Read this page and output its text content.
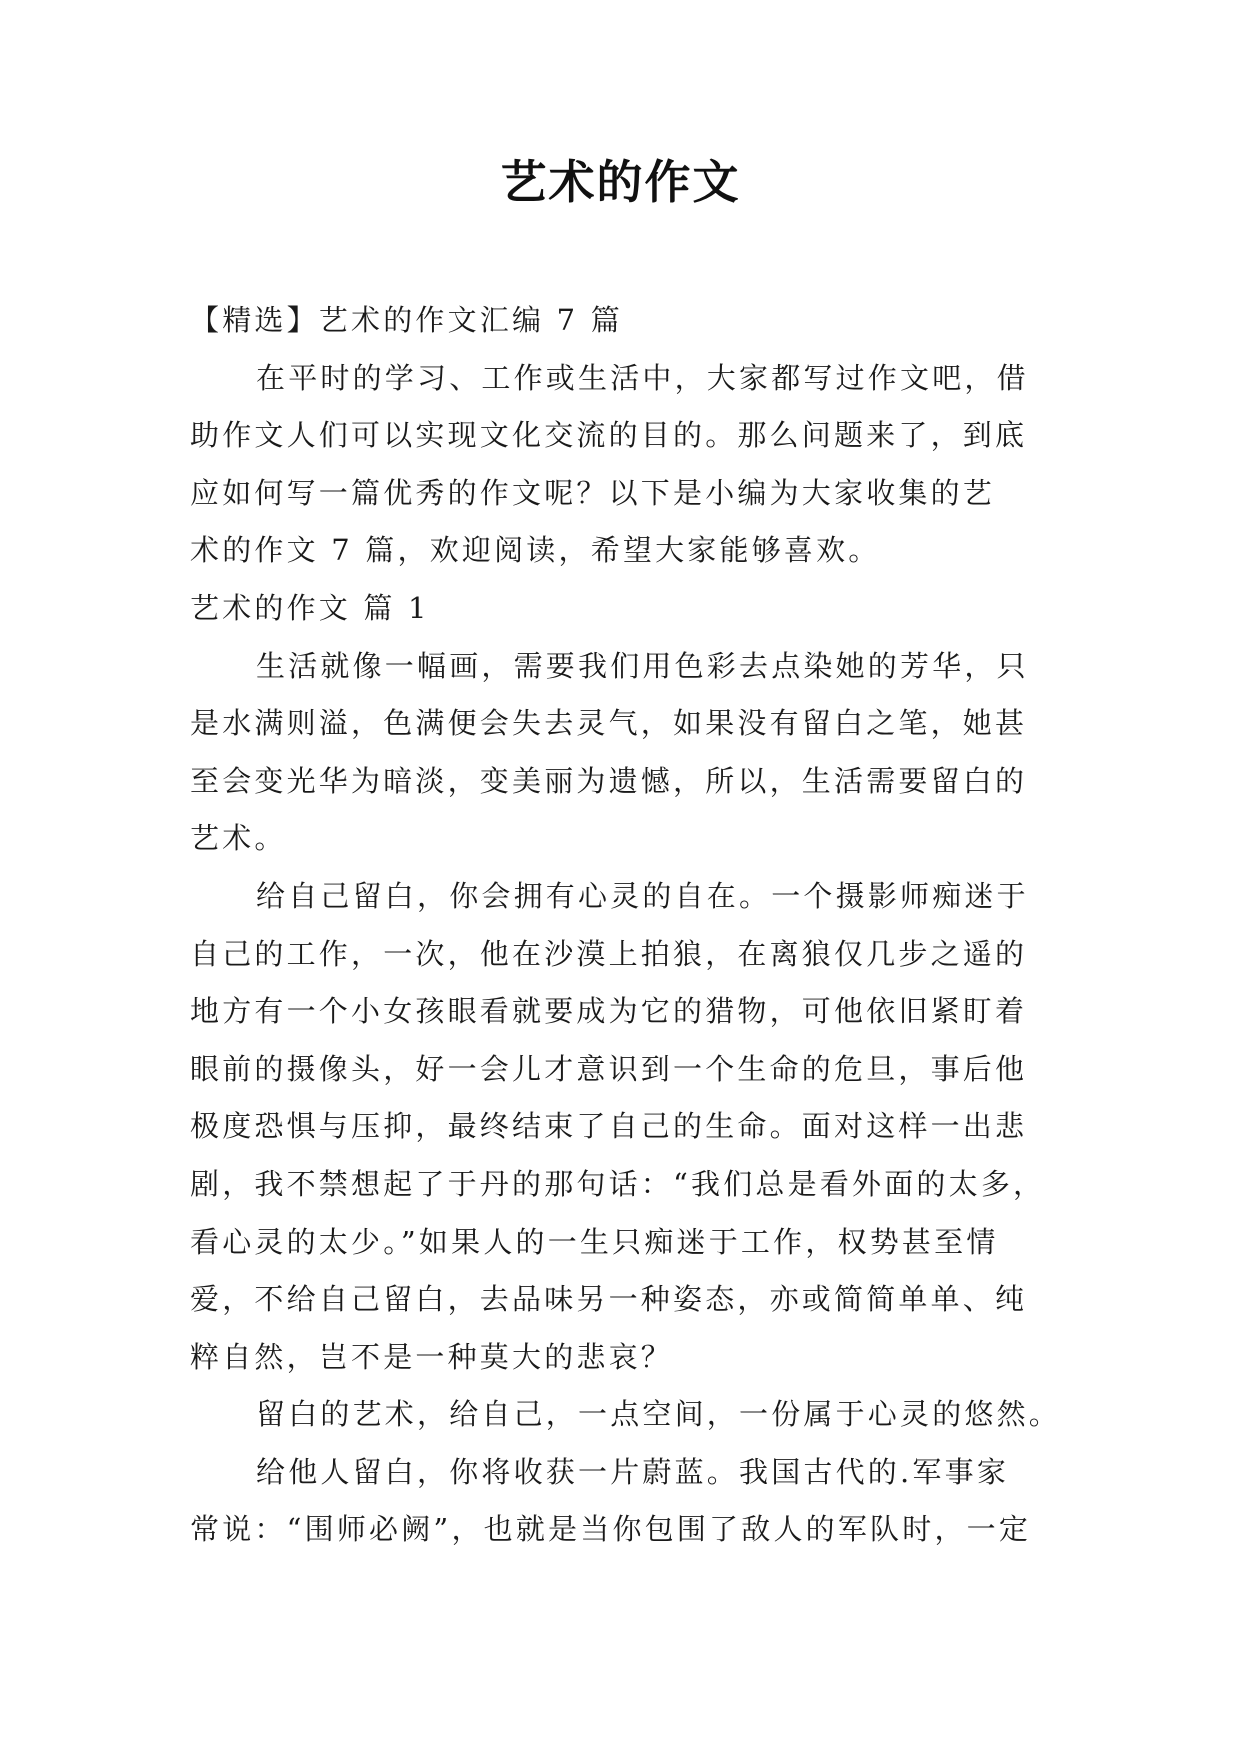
艺术的作文
【精选】艺术的作文汇编 7 篇
在平时的学习、工作或生活中，大家都写过作文吧，借
助作文人们可以实现文化交流的目的。那么问题来了，到底
应如何写一篇优秀的作文呢？以下是小编为大家收集的艺
术的作文 7 篇，欢迎阅读，希望大家能够喜欢。
艺术的作文 篇 1
生活就像一幅画，需要我们用色彩去点染她的芳华，只
是水满则溢，色满便会失去灵气，如果没有留白之笔，她甚
至会变光华为暗淡，变美丽为遗憾，所以，生活需要留白的
艺术。
给自己留白，你会拥有心灵的自在。一个摄影师痴迷于
自己的工作，一次，他在沙漠上拍狼，在离狼仅几步之遥的
地方有一个小女孩眼看就要成为它的猎物，可他依旧紧盯着
眼前的摄像头，好一会儿才意识到一个生命的危旦，事后他
极度恐惧与压抑，最终结束了自己的生命。面对这样一出悲
剧，我不禁想起了于丹的那句话：“我们总是看外面的太多，
看心灵的太少。”如果人的一生只痴迷于工作，权势甚至情
爱，不给自己留白，去品味另一种姿态，亦或简简单单、纯
粹自然，岂不是一种莫大的悲哀？
留白的艺术，给自己，一点空间，一份属于心灵的悠然。
给他人留白，你将收获一片蔚蓝。我国古代的.军事家
常说：“围师必阙”，也就是当你包围了敌人的军队时，一定
